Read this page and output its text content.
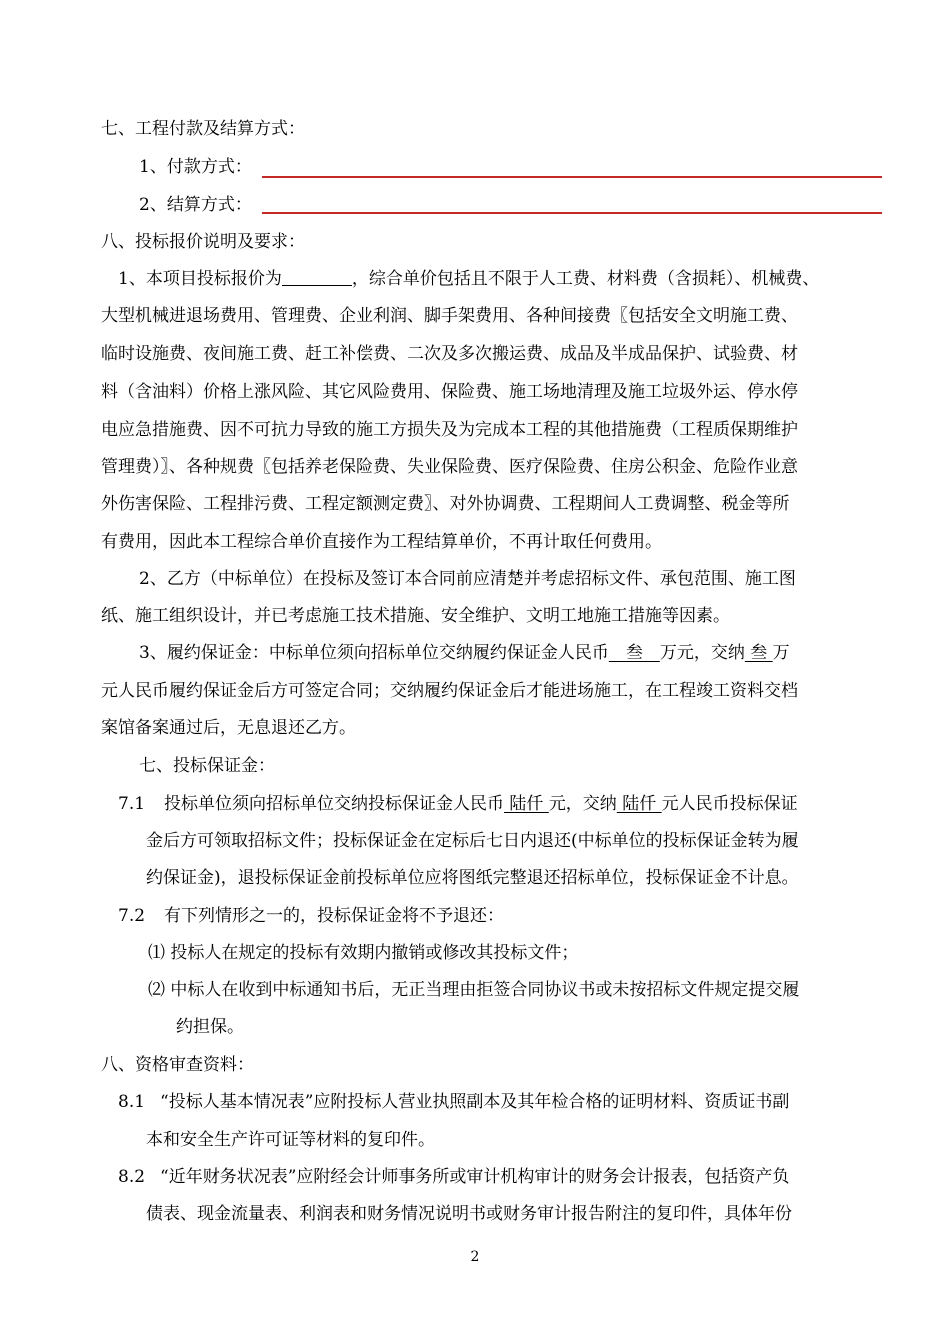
七、工程付款及结算方式：
1、付款方式：
2、结算方式：
八、投标报价说明及要求：
1、本项目投标报价为	，综合单价包括且不限于人工费、材料费（含损耗）、机械费、
大型机械进退场费用、管理费、企业利润、脚手架费用、各种间接费〖包括安全文明施工费、
临时设施费、夜间施工费、赶工补偿费、二次及多次搬运费、成品及半成品保护、试验费、材
料（含油料）价格上涨风险、其它风险费用、保险费、施工场地清理及施工垃圾外运、停水停
电应急措施费、因不可抗力导致的施工方损失及为完成本工程的其他措施费（工程质保期维护
管理费）〗、各种规费〖包括养老保险费、失业保险费、医疗保险费、住房公积金、危险作业意
外伤害保险、工程排污费、工程定额测定费〗、对外协调费、工程期间人工费调整、税金等所
有费用，因此本工程综合单价直接作为工程结算单价，不再计取任何费用。
2、乙方（中标单位）在投标及签订本合同前应清楚并考虑招标文件、承包范围、施工图
纸、施工组织设计，并已考虑施工技术措施、安全维护、文明工地施工措施等因素。
3、履约保证金：中标单位须向招标单位交纳履约保证金人民币　叁　万元，交纳 叁 万
元人民币履约保证金后方可签定合同；交纳履约保证金后才能进场施工，在工程竣工资料交档
案馆备案通过后，无息退还乙方。
七、投标保证金：
7.1 投标单位须向招标单位交纳投标保证金人民币 陆仟 元，交纳 陆仟 元人民币投标保证
金后方可领取招标文件；投标保证金在定标后七日内退还(中标单位的投标保证金转为履
约保证金)，退投标保证金前投标单位应将图纸完整退还招标单位，投标保证金不计息。
7.2 有下列情形之一的，投标保证金将不予退还：
⑴ 投标人在规定的投标有效期内撤销或修改其投标文件；
⑵ 中标人在收到中标通知书后，无正当理由拒签合同协议书或未按招标文件规定提交履
约担保。
八、资格审查资料：
8.1 “投标人基本情况表”应附投标人营业执照副本及其年检合格的证明材料、资质证书副
本和安全生产许可证等材料的复印件。
8.2 “近年财务状况表”应附经会计师事务所或审计机构审计的财务会计报表，包括资产负
债表、现金流量表、利润表和财务情况说明书或财务审计报告附注的复印件，具体年份
2
